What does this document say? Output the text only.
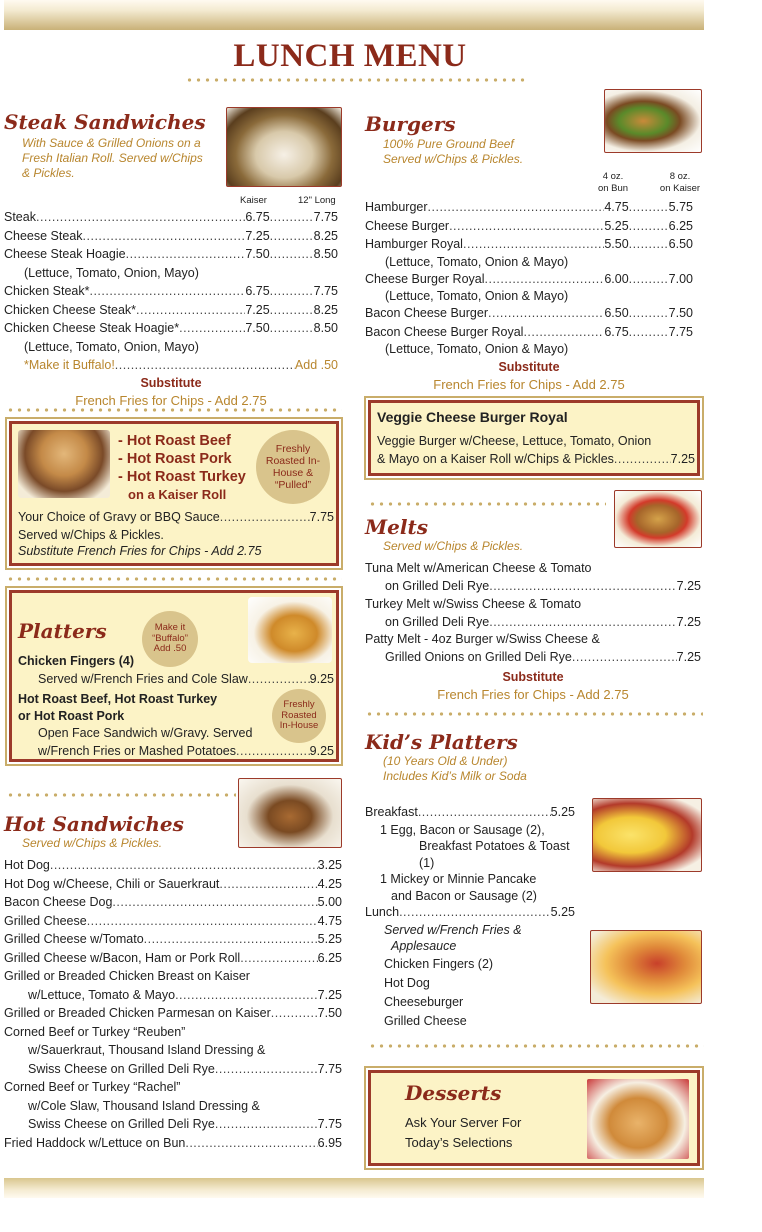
LUNCH MENU
Steak Sandwiches
With Sauce & Grilled Onions on a
Fresh Italian Roll. Served w/Chips
& Pickles.
Kaiser	12" Long
Steak .....	6.75 .....	7.75
Cheese Steak .....	7.25 .....	8.25
Cheese Steak Hoagie .....	7.50 .....	8.50
(Lettuce, Tomato, Onion, Mayo)
Chicken Steak* .....	6.75 .....	7.75
Chicken Cheese Steak* .....	7.25 .....	8.25
Chicken Cheese Steak Hoagie* .....	7.50 .....	8.50
(Lettuce, Tomato, Onion, Mayo)
*Make it Buffalo! .....	Add .50
Substitute
French Fries for Chips - Add 2.75
- Hot Roast Beef
- Hot Roast Pork
- Hot Roast Turkey
on a Kaiser Roll
Freshly Roasted In-House & “Pulled”
Your Choice of Gravy or BBQ Sauce .....	7.75
Served w/Chips & Pickles.
Substitute French Fries for Chips - Add 2.75
Platters	Make it “Buffalo” Add .50
Freshly Roasted In-House
Chicken Fingers (4)
Served w/French Fries and Cole Slaw .....	9.25
Hot Roast Beef, Hot Roast Turkey
or Hot Roast Pork
Open Face Sandwich w/Gravy. Served
w/French Fries or Mashed Potatoes .....	9.25
Hot Sandwiches
Served w/Chips & Pickles.
Hot Dog .....	3.25
Hot Dog w/Cheese, Chili or Sauerkraut .....	4.25
Bacon Cheese Dog .....	5.00
Grilled Cheese .....	4.75
Grilled Cheese w/Tomato .....	5.25
Grilled Cheese w/Bacon, Ham or Pork Roll .....	6.25
Grilled or Breaded Chicken Breast on Kaiser
w/Lettuce, Tomato & Mayo .....	7.25
Grilled or Breaded Chicken Parmesan on Kaiser .....	7.50
Corned Beef or Turkey “Reuben”
w/Sauerkraut, Thousand Island Dressing &
Swiss Cheese on Grilled Deli Rye .....	7.75
Corned Beef or Turkey “Rachel”
w/Cole Slaw, Thousand Island Dressing &
Swiss Cheese on Grilled Deli Rye .....	7.75
Fried Haddock w/Lettuce on Bun .....	6.95
Burgers
100% Pure Ground Beef
Served w/Chips & Pickles.
4 oz.
on Bun
8 oz.
on Kaiser
Hamburger .....	4.75 .....	5.75
Cheese Burger .....	5.25 .....	6.25
Hamburger Royal .....	5.50 .....	6.50
(Lettuce, Tomato, Onion & Mayo)
Cheese Burger Royal .....	6.00 .....	7.00
(Lettuce, Tomato, Onion & Mayo)
Bacon Cheese Burger .....	6.50 .....	7.50
Bacon Cheese Burger Royal .....	6.75 .....	7.75
(Lettuce, Tomato, Onion & Mayo)
Substitute
French Fries for Chips - Add 2.75
Veggie Cheese Burger Royal
Veggie Burger w/Cheese, Lettuce, Tomato, Onion
& Mayo on a Kaiser Roll w/Chips & Pickles .....	7.25
Melts
Served w/Chips & Pickles.
Tuna Melt w/American Cheese & Tomato
on Grilled Deli Rye .....	7.25
Turkey Melt w/Swiss Cheese & Tomato
on Grilled Deli Rye .....	7.25
Patty Melt - 4oz Burger w/Swiss Cheese &
Grilled Onions on Grilled Deli Rye .....	7.25
Substitute
French Fries for Chips - Add 2.75
Kid’s Platters
(10 Years Old & Under)
Includes Kid’s Milk or Soda
Breakfast .....	5.25
1 Egg, Bacon or Sausage (2),
Breakfast Potatoes & Toast (1)
1 Mickey or Minnie Pancake
and Bacon or Sausage (2)
Lunch .....	5.25
Served w/French Fries &
Applesauce
Chicken Fingers (2)
Hot Dog
Cheeseburger
Grilled Cheese
Desserts
Ask Your Server For
Today’s Selections
